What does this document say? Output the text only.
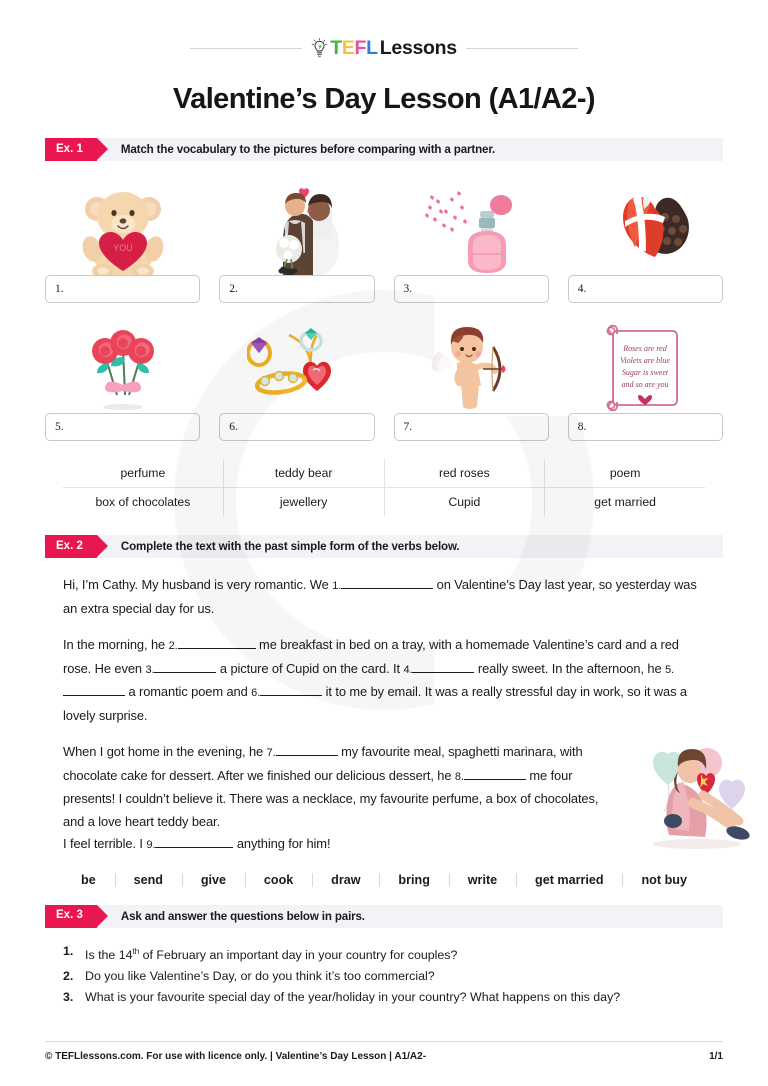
TEFL Lessons
Valentine’s Day Lesson (A1/A2-)
Ex. 1	Match the vocabulary to the pictures before comparing with a partner.
YOU
1.	2.	3.	4.
5.	6.	7.
Roses are red
Violets are blue
Sugar is sweet
and so are you
8.
perfume	teddy bear	red roses	poem
box of chocolates	jewellery	Cupid	get married
Ex. 2	Complete the text with the past simple form of the verbs below.

Hi, I’m Cathy. My husband is very romantic. We 1.	on Valentine’s Day last year, so yesterday was an extra special day for us.

In the morning, he 2.	me breakfast in bed on a tray, with a homemade Valentine’s card and a red rose. He even 3.	a picture of Cupid on the card. It 4.	really sweet. In the afternoon, he 5. a romantic poem and 6.	it to me by email. It was a really stressful day in work, so it was a lovely surprise.

When I got home in the evening, he 7.	my favourite meal, spaghetti marinara, with chocolate cake for dessert. After we finished our delicious dessert, he 8.	me four presents! I couldn’t believe it. There was a necklace, my favourite perfume, a box of chocolates, and a love heart teddy bear.

I feel terrible. I 9.	anything for him!

be	send	give	cook	draw	bring	write	get married	not buy
Ex. 3	Ask and answer the questions below in pairs.
1. Is the 14th of February an important day in your country for couples?
2. Do you like Valentine’s Day, or do you think it’s too commercial?
3. What is your favourite special day of the year/holiday in your country? What happens on this day?
© TEFLlessons.com. For use with licence only. | Valentine’s Day Lesson | A1/A2-	1/1
